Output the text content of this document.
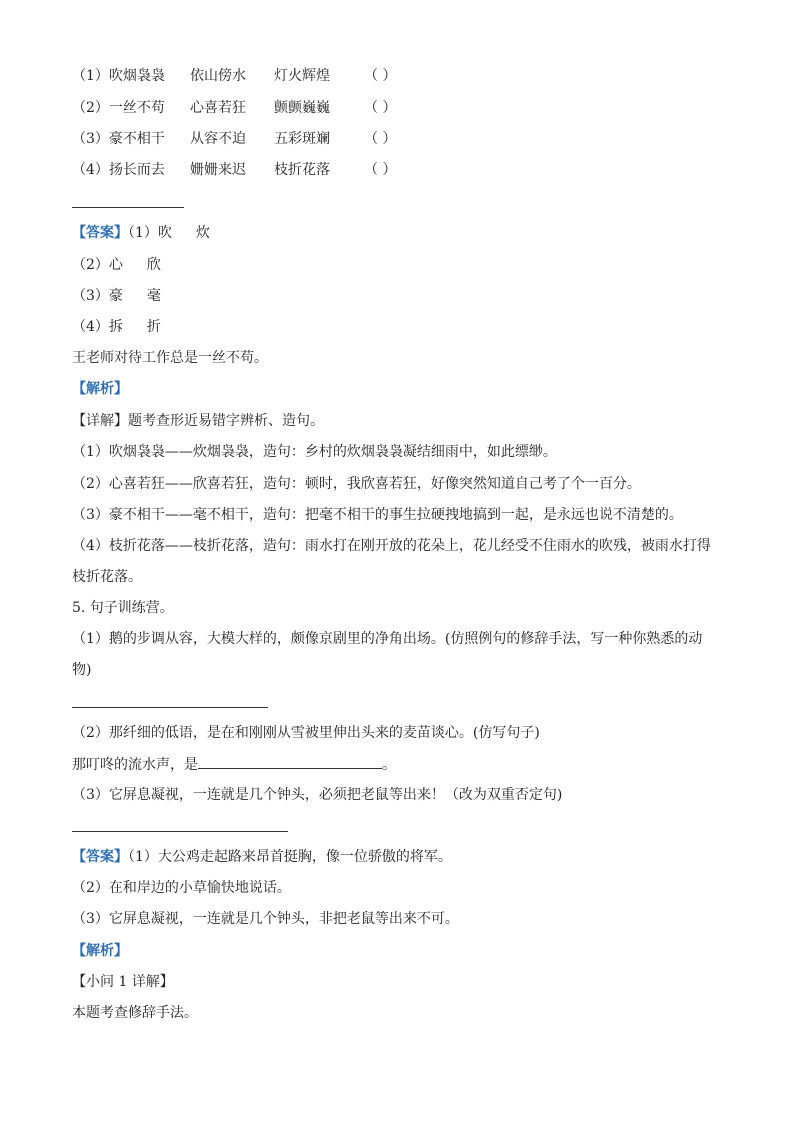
（1）吹烟袅袅 依山傍水 灯火辉煌 （ ）
（2）一丝不苟 心喜若狂 颤颤巍巍 （ ）
（3）豪不相干 从容不迫 五彩斑斓 （ ）
（4）扬长而去 姗姗来迟 枝折花落 （ ）
【答案】（1）吹 炊
（2）心 欣
（3）豪 毫
（4）拆 折
王老师对待工作总是一丝不苟。
【解析】
【详解】题考查形近易错字辨析、造句。
（1）吹烟袅袅——炊烟袅袅，造句：乡村的炊烟袅袅凝结细雨中，如此缥缈。
（2）心喜若狂——欣喜若狂，造句：顿时，我欣喜若狂，好像突然知道自己考了个一百分。
（3）豪不相干——毫不相干，造句：把毫不相干的事生拉硬拽地搞到一起，是永远也说不清楚的。
（4）枝折花落——枝折花落，造句：雨水打在刚开放的花朵上，花儿经受不住雨水的吹残，被雨水打得
枝折花落。
5. 句子训练营。
（1）鹅的步调从容，大模大样的，颇像京剧里的净角出场。(仿照例句的修辞手法，写一种你熟悉的动
物)
（2）那纤细的低语，是在和刚刚从雪被里伸出头来的麦苗谈心。(仿写句子)
那叮咚的流水声，是	。
（3）它屏息凝视，一连就是几个钟头，必须把老鼠等出来！（改为双重否定句)
【答案】（1）大公鸡走起路来昂首挺胸，像一位骄傲的将军。
（2）在和岸边的小草愉快地说话。
（3）它屏息凝视，一连就是几个钟头，非把老鼠等出来不可。
【解析】
【小问 1 详解】
本题考查修辞手法。
